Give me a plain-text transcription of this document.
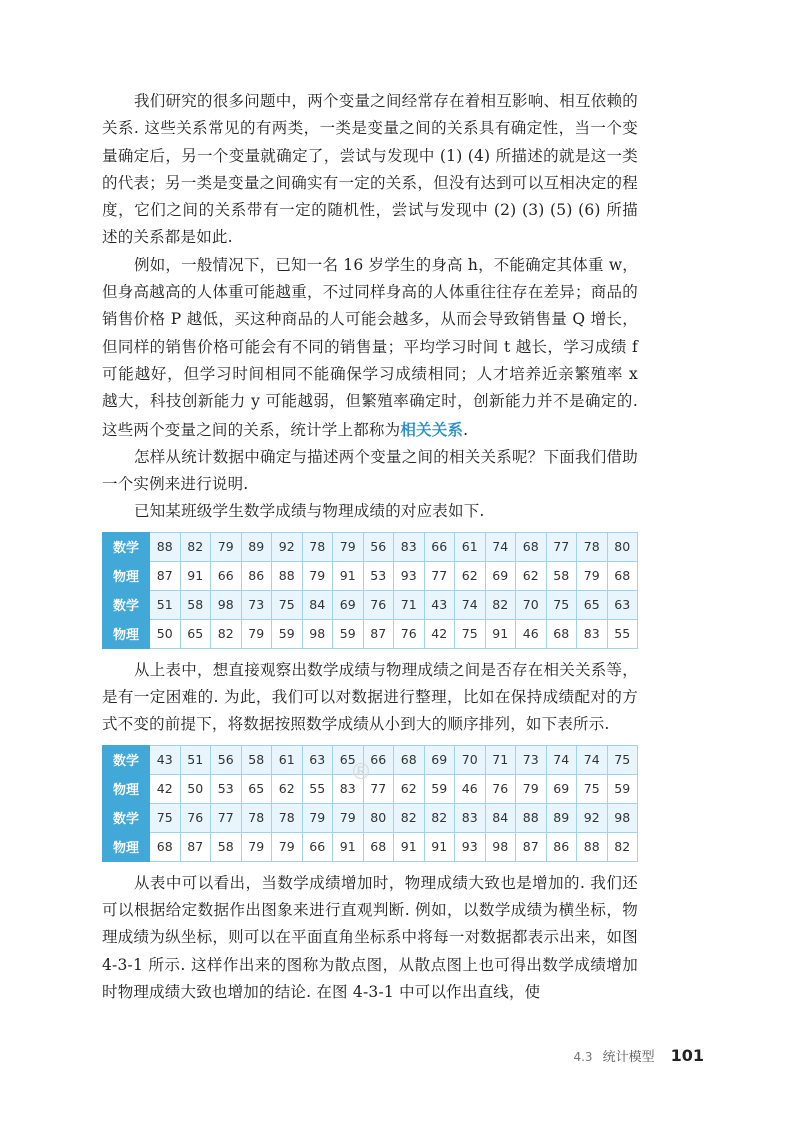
我们研究的很多问题中，两个变量之间经常存在着相互影响、相互依赖的关系. 这些关系常见的有两类，一类是变量之间的关系具有确定性，当一个变量确定后，另一个变量就确定了，尝试与发现中 (1) (4) 所描述的就是这一类的代表；另一类是变量之间确实有一定的关系，但没有达到可以互相决定的程度，它们之间的关系带有一定的随机性，尝试与发现中 (2) (3) (5) (6) 所描述的关系都是如此.

例如，一般情况下，已知一名 16 岁学生的身高 h，不能确定其体重 w，但身高越高的人体重可能越重，不过同样身高的人体重往往存在差异；商品的销售价格 P 越低，买这种商品的人可能会越多，从而会导致销售量 Q 增长，但同样的销售价格可能会有不同的销售量；平均学习时间 t 越长，学习成绩 f 可能越好，但学习时间相同不能确保学习成绩相同；人才培养近亲繁殖率 x 越大，科技创新能力 y 可能越弱，但繁殖率确定时，创新能力并不是确定的. 这些两个变量之间的关系，统计学上都称为相关关系.

怎样从统计数据中确定与描述两个变量之间的相关关系呢？下面我们借助一个实例来进行说明.

已知某班级学生数学成绩与物理成绩的对应表如下.

数学	88	82	79	89	92	78	79	56	83	66	61	74	68	77	78	80
物理	87	91	66	86	88	79	91	53	93	77	62	69	62	58	79	68
数学	51	58	98	73	75	84	69	76	71	43	74	82	70	75	65	63
物理	50	65	82	79	59	98	59	87	76	42	75	91	46	68	83	55

从上表中，想直接观察出数学成绩与物理成绩之间是否存在相关关系等，是有一定困难的. 为此，我们可以对数据进行整理，比如在保持成绩配对的方式不变的前提下，将数据按照数学成绩从小到大的顺序排列，如下表所示.

数学	43	51	56	58	61	63	65	66	68	69	70	71	73	74	74	75
物理	42	50	53	65	62	55	83	77	62	59	46	76	79	69	75	59
数学	75	76	77	78	78	79	79	80	82	82	83	84	88	89	92	98
物理	68	87	58	79	79	66	91	68	91	91	93	98	87	86	88	82

从表中可以看出，当数学成绩增加时，物理成绩大致也是增加的. 我们还可以根据给定数据作出图象来进行直观判断. 例如，以数学成绩为横坐标，物理成绩为纵坐标，则可以在平面直角坐标系中将每一对数据都表示出来，如图 4-3-1 所示. 这样作出来的图称为散点图，从散点图上也可得出数学成绩增加时物理成绩大致也增加的结论. 在图 4-3-1 中可以作出直线，使

®
4.3 统计模型 101
